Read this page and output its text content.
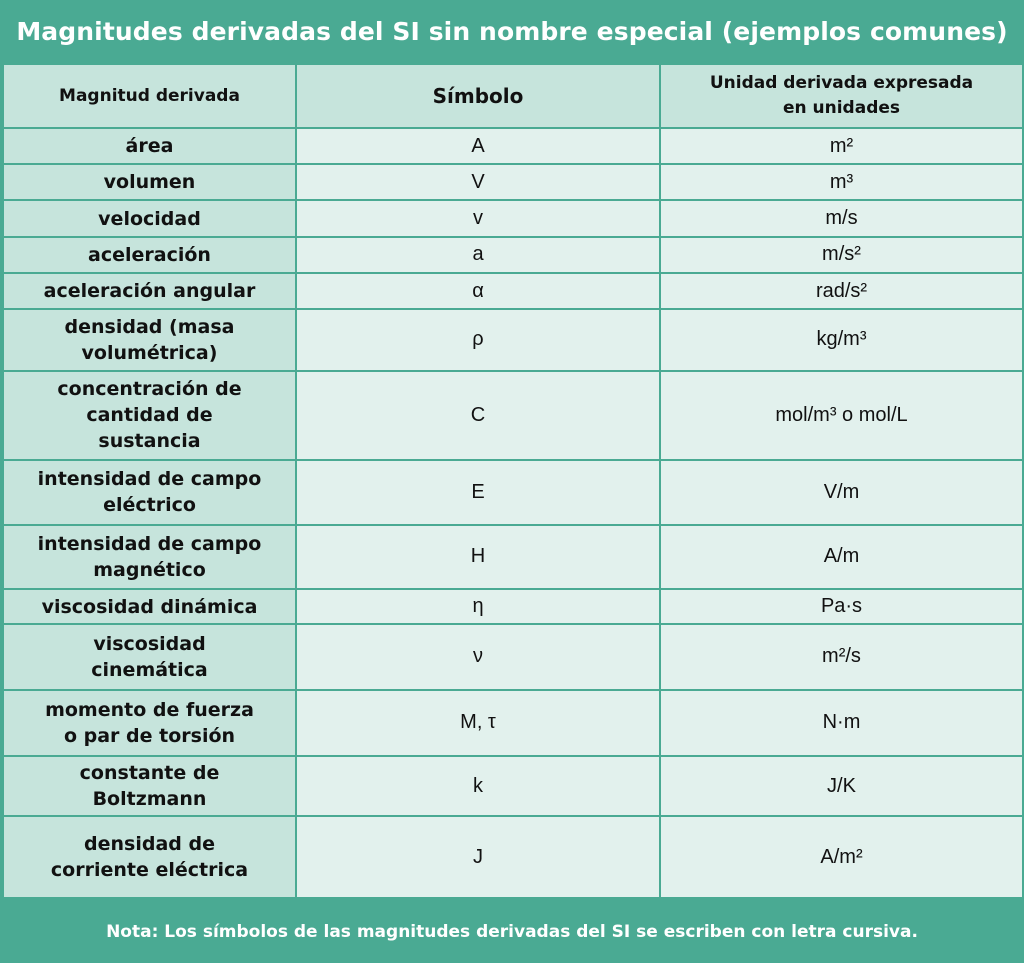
Magnitudes derivadas del SI sin nombre especial (ejemplos comunes)
Magnitud derivada	Símbolo	Unidad derivada expresada
en unidades
área	A	m²
volumen	V	m³
velocidad	v	m/s
aceleración	a	m/s²
aceleración angular	α	rad/s²
densidad (masa
volumétrica)	ρ	kg/m³
concentración de
cantidad de
sustancia	C	mol/m³ o mol/L
intensidad de campo
eléctrico	E	V/m
intensidad de campo
magnético	H	A/m
viscosidad dinámica	η	Pa·s
viscosidad
cinemática	ν	m²/s
momento de fuerza
o par de torsión	M, τ	N·m
constante de
Boltzmann	k	J/K
densidad de
corriente eléctrica	J	A/m²
Nota: Los símbolos de las magnitudes derivadas del SI se escriben con letra cursiva.
